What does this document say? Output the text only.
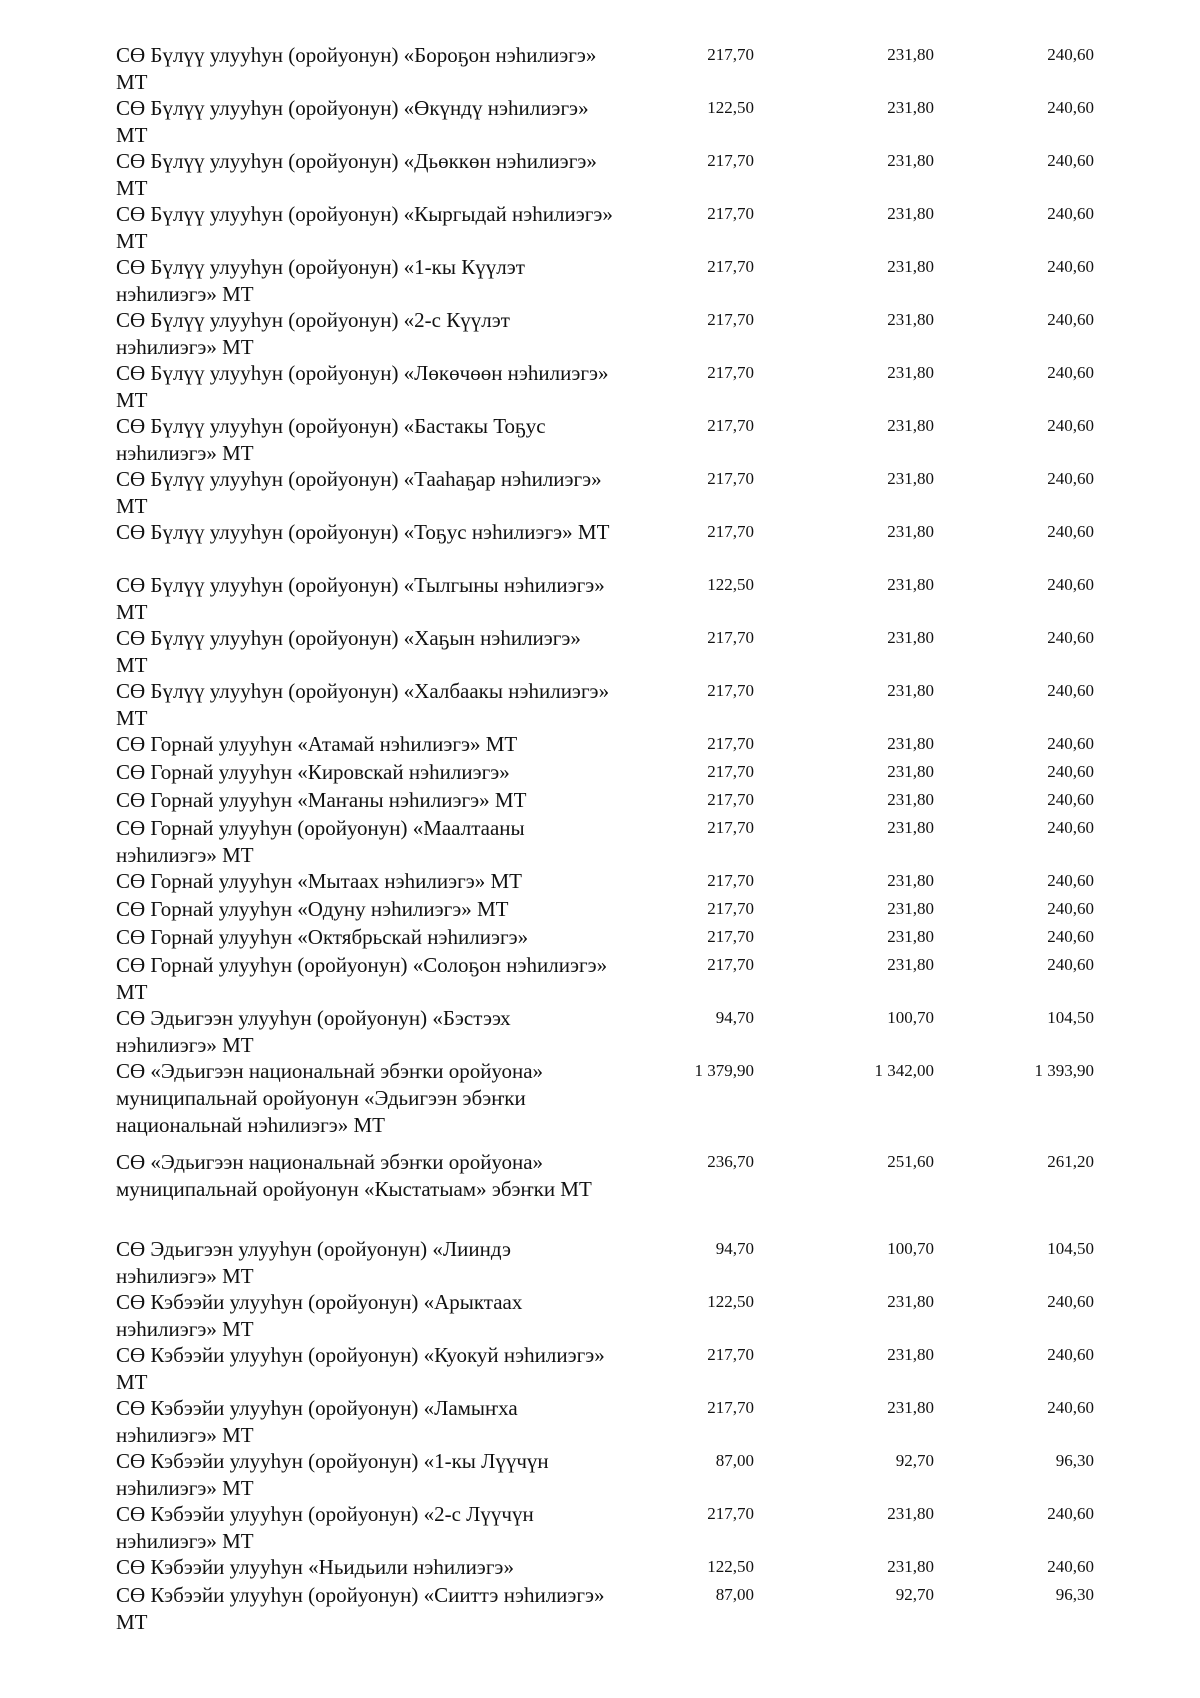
СӨ Бүлүү улууһун (оройуонун) «Бороҕон нэһилиэгэ» МТ
217,70	231,80	240,60
СӨ Бүлүү улууһун (оройуонун) «Өкүндү нэһилиэгэ» МТ
122,50	231,80	240,60
СӨ Бүлүү улууһун (оройуонун) «Дьөккөн нэһилиэгэ» МТ
217,70	231,80	240,60
СӨ Бүлүү улууһун (оройуонун) «Кыргыдай нэһилиэгэ» МТ
217,70	231,80	240,60
СӨ Бүлүү улууһун (оройуонун) «1-кы Күүлэт нэһилиэгэ» МТ
217,70	231,80	240,60
СӨ Бүлүү улууһун (оройуонун) «2-с Күүлэт нэһилиэгэ» МТ
217,70	231,80	240,60
СӨ Бүлүү улууһун (оройуонун) «Лөкөчөөн нэһилиэгэ» МТ
217,70	231,80	240,60
СӨ Бүлүү улууһун (оройуонун) «Бастакы Тоҕус нэһилиэгэ» МТ
217,70	231,80	240,60
СӨ Бүлүү улууһун (оройуонун) «Тааһаҕар нэһилиэгэ» МТ
217,70	231,80	240,60
СӨ Бүлүү улууһун (оройуонун) «Тоҕус нэһилиэгэ» МТ	217,70	231,80	240,60
СӨ Бүлүү улууһун (оройуонун) «Тылгыны нэһилиэгэ» МТ
122,50	231,80	240,60
СӨ Бүлүү улууһун (оройуонун) «Хаҕын нэһилиэгэ» МТ
217,70	231,80	240,60
СӨ Бүлүү улууһун (оройуонун) «Халбаакы нэһилиэгэ» МТ
217,70	231,80	240,60
СӨ Горнай улууһун «Атамай нэһилиэгэ» МТ	217,70	231,80	240,60
СӨ Горнай улууһун «Кировскай нэһилиэгэ»	217,70	231,80	240,60
СӨ Горнай улууһун «Маҥаны нэһилиэгэ» МТ	217,70	231,80	240,60
СӨ Горнай улууһун (оройуонун) «Маалтааны нэһилиэгэ» МТ
217,70	231,80	240,60
СӨ Горнай улууһун «Мытаах нэһилиэгэ» МТ	217,70	231,80	240,60
СӨ Горнай улууһун «Одуну нэһилиэгэ» МТ	217,70	231,80	240,60
СӨ Горнай улууһун «Октябрьскай нэһилиэгэ»	217,70	231,80	240,60
СӨ Горнай улууһун (оройуонун) «Солоҕон нэһилиэгэ» МТ
217,70	231,80	240,60
СӨ Эдьигээн улууһун (оройуонун) «Бэстээх нэһилиэгэ» МТ
94,70	100,70	104,50
СӨ «Эдьигээн национальнай эбэҥки оройуона» муниципальнай оройуонун «Эдьигээн эбэҥки национальнай нэһилиэгэ» МТ
1 379,90	1 342,00	1 393,90
СӨ «Эдьигээн национальнай эбэҥки оройуона» муниципальнай оройуонун «Кыстатыам» эбэҥки МТ
236,70	251,60	261,20
СӨ Эдьигээн улууһун (оройуонун) «Лииндэ нэһилиэгэ» МТ
94,70	100,70	104,50
СӨ Кэбээйи улууһун (оройуонун) «Арыктаах нэһилиэгэ» МТ
122,50	231,80	240,60
СӨ Кэбээйи улууһун (оройуонун) «Куокуй нэһилиэгэ» МТ
217,70	231,80	240,60
СӨ Кэбээйи улууһун (оройуонун) «Ламыҥха нэһилиэгэ» МТ
217,70	231,80	240,60
СӨ Кэбээйи улууһун (оройуонун) «1-кы Лүүчүн нэһилиэгэ» МТ
87,00	92,70	96,30
СӨ Кэбээйи улууһун (оройуонун) «2-с Лүүчүн нэһилиэгэ» МТ
217,70	231,80	240,60
СӨ Кэбээйи улууһун «Ньидьили нэһилиэгэ»	122,50	231,80	240,60
СӨ Кэбээйи улууһун (оройуонун) «Сииттэ нэһилиэгэ» МТ
87,00	92,70	96,30
